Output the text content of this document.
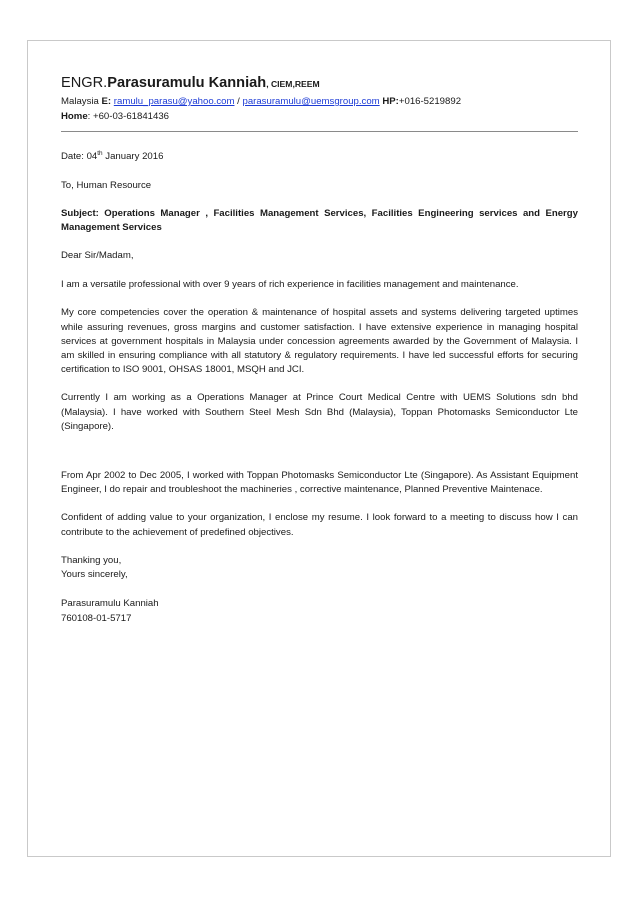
ENGR.Parasuramulu Kanniah, CIEM,REEM
Malaysia E: ramulu_parasu@yahoo.com / parasuramulu@uemsgroup.com HP:+016-5219892
Home: +60-03-61841436

Date: 04th January 2016

To, Human Resource

Subject: Operations Manager , Facilities Management Services, Facilities Engineering services and Energy Management Services

Dear Sir/Madam,

I am a versatile professional with over 9 years of rich experience in facilities management and maintenance.

My core competencies cover the operation & maintenance of hospital assets and systems delivering targeted uptimes while assuring revenues, gross margins and customer satisfaction. I have extensive experience in managing hospital services at government hospitals in Malaysia under concession agreements awarded by the Government of Malaysia. I am skilled in ensuring compliance with all statutory & regulatory requirements. I have led successful efforts for securing certification to ISO 9001, OHSAS 18001, MSQH and JCI.

Currently I am working as a Operations Manager at Prince Court Medical Centre with UEMS Solutions sdn bhd (Malaysia). I have worked with Southern Steel Mesh Sdn Bhd (Malaysia), Toppan Photomasks Semiconductor Lte (Singapore).

From Apr 2002 to Dec 2005, I worked with Toppan Photomasks Semiconductor Lte (Singapore). As Assistant Equipment Engineer, I do repair and troubleshoot the machineries , corrective maintenance, Planned Preventive Maintenace.

Confident of adding value to your organization, I enclose my resume. I look forward to a meeting to discuss how I can contribute to the achievement of predefined objectives.

Thanking you,

Yours sincerely,

Parasuramulu Kanniah

760108-01-5717
